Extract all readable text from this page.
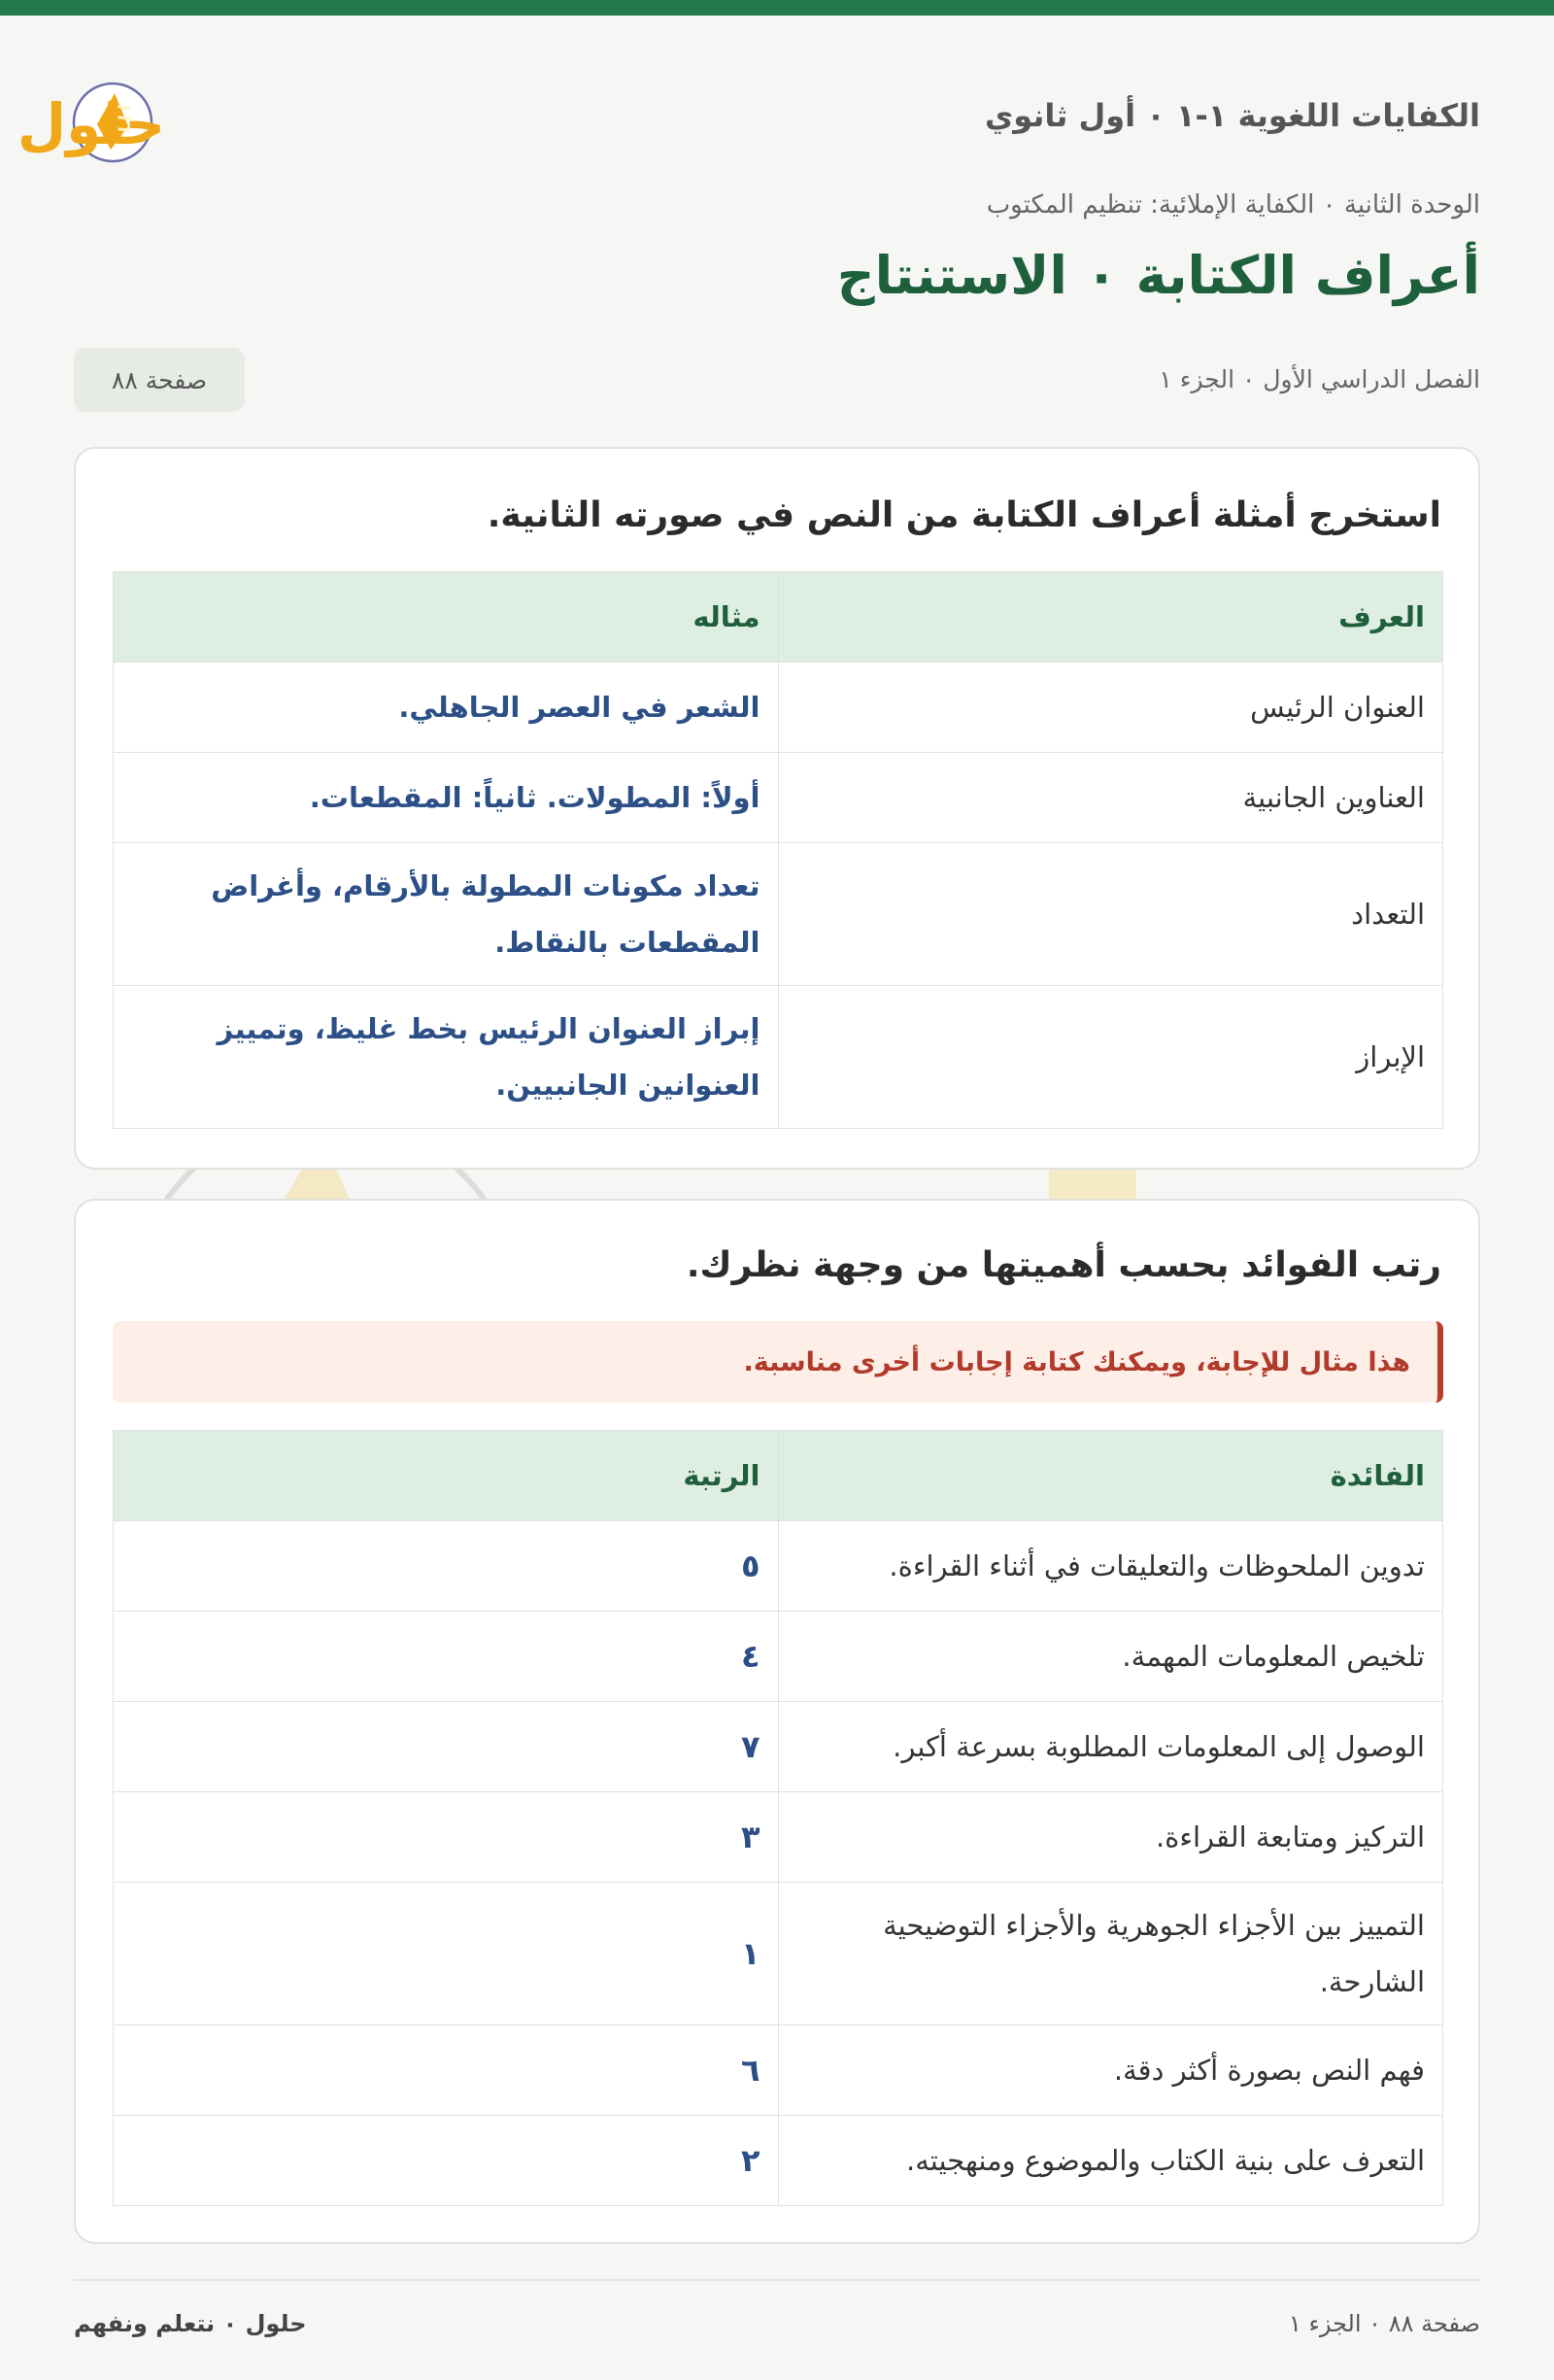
الكفايات اللغوية ١-١ ٠ أول ثانوي
حلول
الوحدة الثانية ٠ الكفاية الإملائية: تنظيم المكتوب
أعراف الكتابة ٠ الاستنتاج
الفصل الدراسي الأول ٠ الجزء ١
صفحة ٨٨
استخرج أمثلة أعراف الكتابة من النص في صورته الثانية.
العرف	مثاله
العنوان الرئيس	الشعر في العصر الجاهلي.
العناوين الجانبية	أولاً: المطولات. ثانياً: المقطعات.
التعداد	تعداد مكونات المطولة بالأرقام، وأغراض المقطعات بالنقاط.
الإبراز	إبراز العنوان الرئيس بخط غليظ، وتمييز العنوانين الجانبيين.
رتب الفوائد بحسب أهميتها من وجهة نظرك.
هذا مثال للإجابة، ويمكنك كتابة إجابات أخرى مناسبة.
الفائدة	الرتبة
تدوين الملحوظات والتعليقات في أثناء القراءة.	٥
تلخيص المعلومات المهمة.	٤
الوصول إلى المعلومات المطلوبة بسرعة أكبر.	٧
التركيز ومتابعة القراءة.	٣
التمييز بين الأجزاء الجوهرية والأجزاء التوضيحية الشارحة.	١
فهم النص بصورة أكثر دقة.	٦
التعرف على بنية الكتاب والموضوع ومنهجيته.	٢
صفحة ٨٨ ٠ الجزء ١
حلول ٠ نتعلم ونفهم
